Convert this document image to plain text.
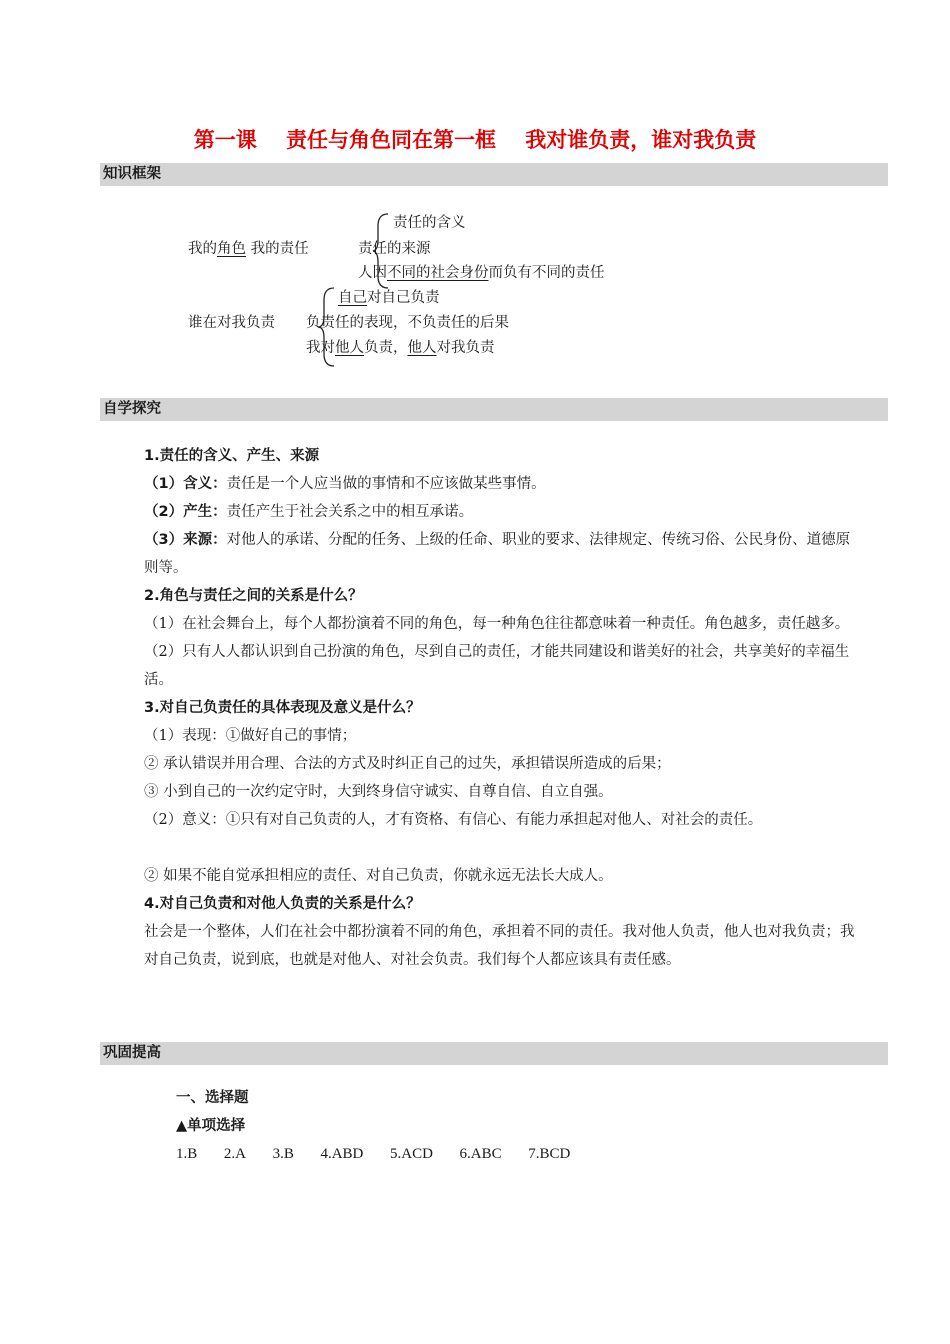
第一课    责任与角色同在第一框    我对谁负责，谁对我负责
知识框架
我的角色 我的责任
责任的含义
责任的来源
人因不同的社会身份而负有不同的责任
谁在对我负责
自己对自己负责
负责任的表现，不负责任的后果
我对他人负责，他人对我负责
自学探究

1.责任的含义、产生、来源

（1）含义：责任是一个人应当做的事情和不应该做某些事情。

（2）产生：责任产生于社会关系之中的相互承诺。

（3）来源：对他人的承诺、分配的任务、上级的任命、职业的要求、法律规定、传统习俗、公民身份、道德原则等。

2.角色与责任之间的关系是什么？

（1）在社会舞台上，每个人都扮演着不同的角色，每一种角色往往都意味着一种责任。角色越多，责任越多。

（2）只有人人都认识到自己扮演的角色，尽到自己的责任，才能共同建设和谐美好的社会，共享美好的幸福生活。

3.对自己负责任的具体表现及意义是什么？

（1）表现：①做好自己的事情；

② 承认错误并用合理、合法的方式及时纠正自己的过失，承担错误所造成的后果；

③ 小到自己的一次约定守时，大到终身信守诚实、自尊自信、自立自强。

（2）意义：①只有对自己负责的人，才有资格、有信心、有能力承担起对他人、对社会的责任。

② 如果不能自觉承担相应的责任、对自己负责，你就永远无法长大成人。

4.对自己负责和对他人负责的关系是什么？

社会是一个整体，人们在社会中都扮演着不同的角色，承担着不同的责任。我对他人负责，他人也对我负责；我对自己负责，说到底，也就是对他人、对社会负责。我们每个人都应该具有责任感。

巩固提高
一、选择题
▲单项选择
1.B 2.A 3.B 4.ABD 5.ACD 6.ABC 7.BCD
